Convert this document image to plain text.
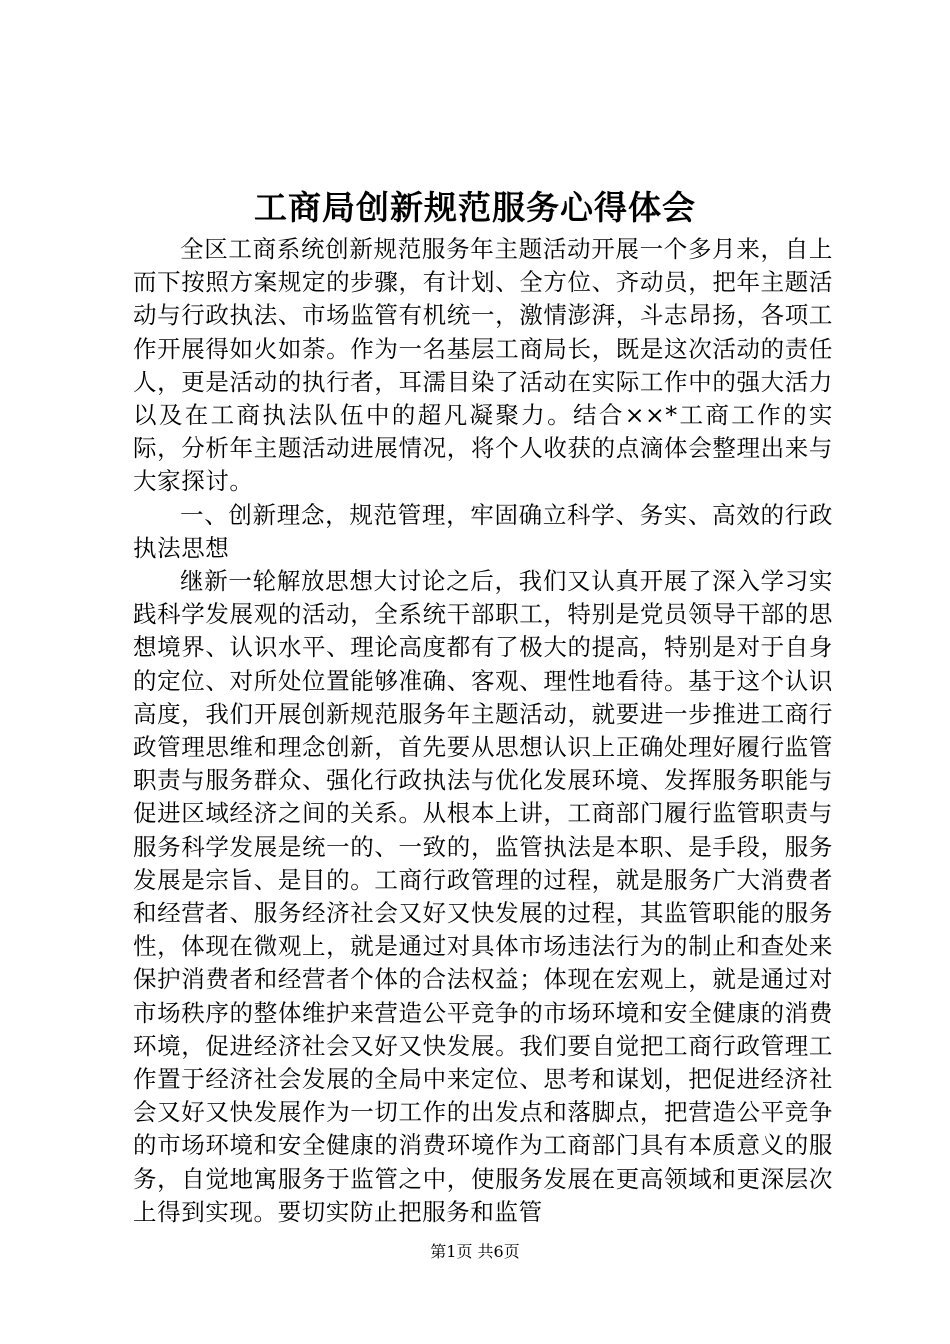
工商局创新规范服务心得体会

全区工商系统创新规范服务年主题活动开展一个多月来，自上而下按照方案规定的步骤，有计划、全方位、齐动员，把年主题活动与行政执法、市场监管有机统一，激情澎湃，斗志昂扬，各项工作开展得如火如荼。作为一名基层工商局长，既是这次活动的责任人，更是活动的执行者，耳濡目染了活动在实际工作中的强大活力以及在工商执法队伍中的超凡凝聚力。结合××*工商工作的实际，分析年主题活动进展情况，将个人收获的点滴体会整理出来与大家探讨。

一、创新理念，规范管理，牢固确立科学、务实、高效的行政执法思想

继新一轮解放思想大讨论之后，我们又认真开展了深入学习实践科学发展观的活动，全系统干部职工，特别是党员领导干部的思想境界、认识水平、理论高度都有了极大的提高，特别是对于自身的定位、对所处位置能够准确、客观、理性地看待。基于这个认识高度，我们开展创新规范服务年主题活动，就要进一步推进工商行政管理思维和理念创新，首先要从思想认识上正确处理好履行监管职责与服务群众、强化行政执法与优化发展环境、发挥服务职能与促进区域经济之间的关系。从根本上讲，工商部门履行监管职责与服务科学发展是统一的、一致的，监管执法是本职、是手段，服务发展是宗旨、是目的。工商行政管理的过程，就是服务广大消费者和经营者、服务经济社会又好又快发展的过程，其监管职能的服务性，体现在微观上，就是通过对具体市场违法行为的制止和查处来保护消费者和经营者个体的合法权益；体现在宏观上，就是通过对市场秩序的整体维护来营造公平竞争的市场环境和安全健康的消费环境，促进经济社会又好又快发展。我们要自觉把工商行政管理工作置于经济社会发展的全局中来定位、思考和谋划，把促进经济社会又好又快发展作为一切工作的出发点和落脚点，把营造公平竞争的市场环境和安全健康的消费环境作为工商部门具有本质意义的服务，自觉地寓服务于监管之中，使服务发展在更高领域和更深层次上得到实现。要切实防止把服务和监管

第1页 共6页
